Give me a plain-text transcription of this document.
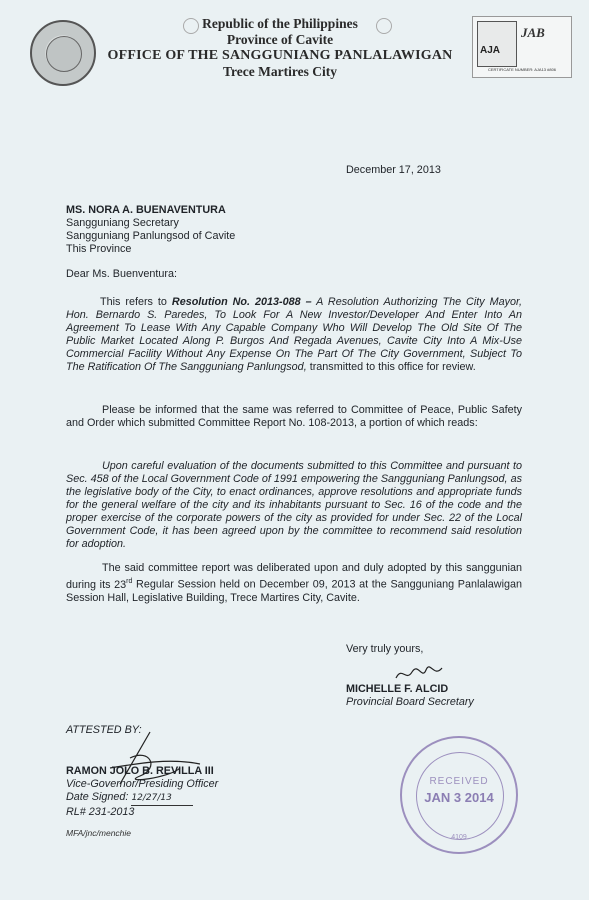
Republic of the Philippines
Province of Cavite
OFFICE OF THE SANGGUNIANG PANLALAWIGAN
Trece Martires City
AJA
JAB
CERTIFICATE NUMBER: AJA13 #806
December 17, 2013
MS. NORA A. BUENAVENTURA
Sangguniang Secretary
Sangguniang Panlungsod of Cavite
This Province
Dear Ms. Buenventura:
This refers to Resolution No. 2013-088 – A Resolution Authorizing The City Mayor, Hon. Bernardo S. Paredes, To Look For A New Investor/Developer And Enter Into An Agreement To Lease With Any Capable Company Who Will Develop The Old Site Of The Public Market Located Along P. Burgos And Regada Avenues, Cavite City Into A Mix-Use Commercial Facility Without Any Expense On The Part Of The City Government, Subject To The Ratification Of The Sangguniang Panlungsod, transmitted to this office for review.
Please be informed that the same was referred to Committee of Peace, Public Safety and Order which submitted Committee Report No. 108-2013, a portion of which reads:
Upon careful evaluation of the documents submitted to this Committee and pursuant to Sec. 458 of the Local Government Code of 1991 empowering the Sangguniang Panlungsod, as the legislative body of the City, to enact ordinances, approve resolutions and appropriate funds for the general welfare of the city and its inhabitants pursuant to Sec. 16 of the code and the proper exercise of the corporate powers of the city as provided for under Sec. 22 of the Local Government Code, it has been agreed upon by the committee to recommend said resolution for adoption.
The said committee report was deliberated upon and duly adopted by this sanggunian during its 23rd Regular Session held on December 09, 2013 at the Sangguniang Panlalawigan Session Hall, Legislative Building, Trece Martires City, Cavite.
Very truly yours,
MICHELLE F. ALCID
Provincial Board Secretary
ATTESTED BY:
RAMON JOLO B. REVILLA III
Vice-Governor/Presiding Officer
Date Signed: 12/27/13
RL# 231-2013
MFA/jnc/menchie
RECEIVED
JAN 3 2014
4109
